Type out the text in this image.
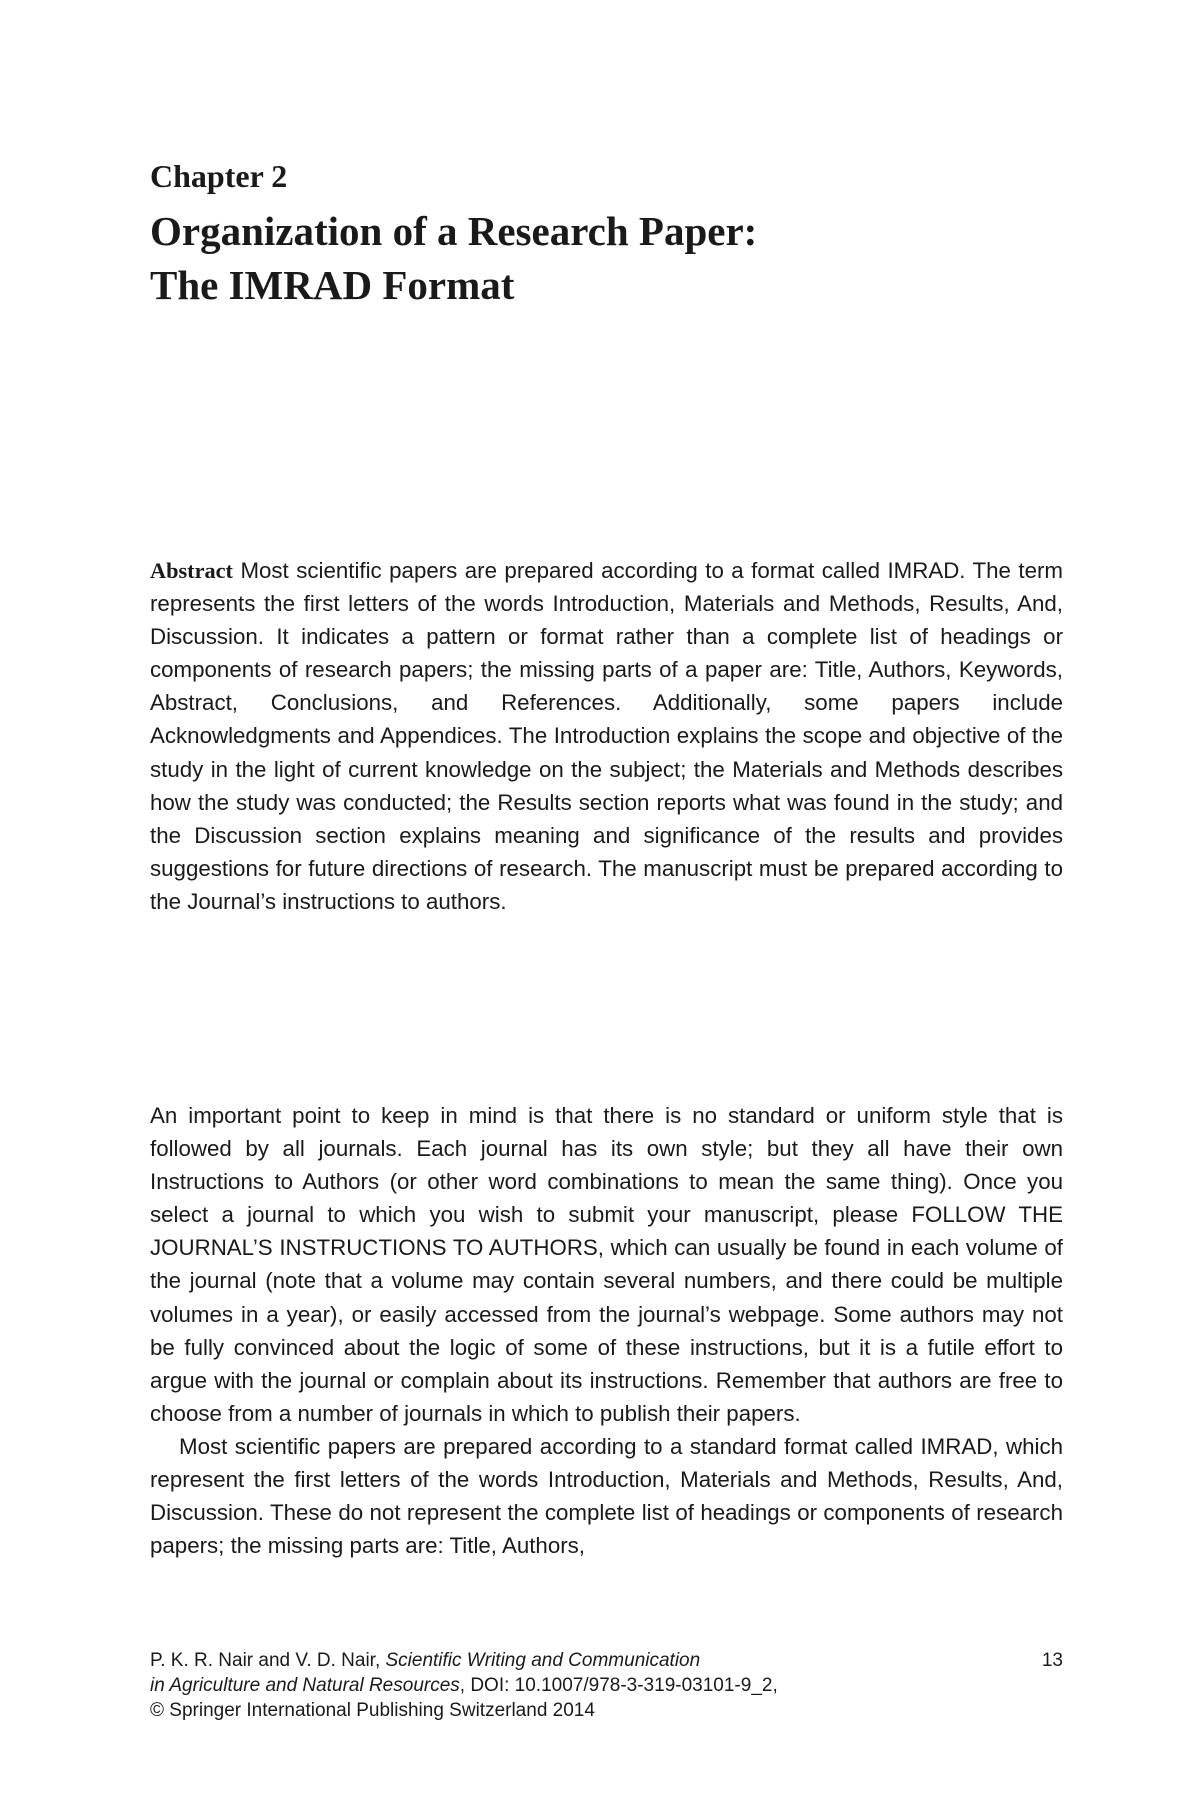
Chapter 2
Organization of a Research Paper:
The IMRAD Format

Abstract Most scientific papers are prepared according to a format called IMRAD. The term represents the first letters of the words Introduction, Materials and Methods, Results, And, Discussion. It indicates a pattern or format rather than a complete list of headings or components of research papers; the missing parts of a paper are: Title, Authors, Keywords, Abstract, Conclusions, and References. Additionally, some papers include Acknowledgments and Appendices. The Introduction explains the scope and objective of the study in the light of current knowledge on the subject; the Materials and Methods describes how the study was conducted; the Results section reports what was found in the study; and the Discussion section explains meaning and significance of the results and provides suggestions for future directions of research. The manuscript must be prepared according to the Journal’s instructions to authors.

An important point to keep in mind is that there is no standard or uniform style that is followed by all journals. Each journal has its own style; but they all have their own Instructions to Authors (or other word combinations to mean the same thing). Once you select a journal to which you wish to submit your manuscript, please FOLLOW THE JOURNAL’S INSTRUCTIONS TO AUTHORS, which can usually be found in each volume of the journal (note that a volume may contain several numbers, and there could be multiple volumes in a year), or easily accessed from the journal’s webpage. Some authors may not be fully convinced about the logic of some of these instructions, but it is a futile effort to argue with the journal or complain about its instructions. Remember that authors are free to choose from a number of journals in which to publish their papers.

Most scientific papers are prepared according to a standard format called IMRAD, which represent the first letters of the words Introduction, Materials and Methods, Results, And, Discussion. These do not represent the complete list of headings or components of research papers; the missing parts are: Title, Authors,

P. K. R. Nair and V. D. Nair, Scientific Writing and Communication
in Agriculture and Natural Resources, DOI: 10.1007/978-3-319-03101-9_2,
© Springer International Publishing Switzerland 2014
13
